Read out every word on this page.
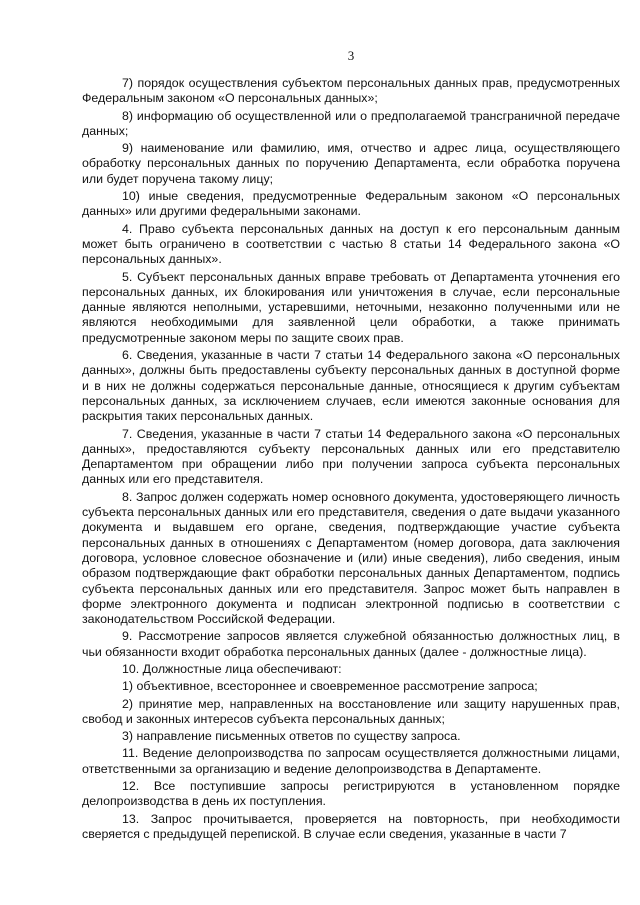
3

7) порядок осуществления субъектом персональных данных прав, предусмотренных Федеральным законом «О персональных данных»;

8) информацию об осуществленной или о предполагаемой трансграничной передаче данных;

9) наименование или фамилию, имя, отчество и адрес лица, осуществляющего обработку персональных данных по поручению Департамента, если обработка поручена или будет поручена такому лицу;

10) иные сведения, предусмотренные Федеральным законом «О персональных данных» или другими федеральными законами.

4. Право субъекта персональных данных на доступ к его персональным данным может быть ограничено в соответствии с частью 8 статьи 14 Федерального закона «О персональных данных».

5. Субъект персональных данных вправе требовать от Департамента уточнения его персональных данных, их блокирования или уничтожения в случае, если персональные данные являются неполными, устаревшими, неточными, незаконно полученными или не являются необходимыми для заявленной цели обработки, а также принимать предусмотренные законом меры по защите своих прав.

6. Сведения, указанные в части 7 статьи 14 Федерального закона «О персональных данных», должны быть предоставлены субъекту персональных данных в доступной форме и в них не должны содержаться персональные данные, относящиеся к другим субъектам персональных данных, за исключением случаев, если имеются законные основания для раскрытия таких персональных данных.

7. Сведения, указанные в части 7 статьи 14 Федерального закона «О персональных данных», предоставляются субъекту персональных данных или его представителю Департаментом при обращении либо при получении запроса субъекта персональных данных или его представителя.

8. Запрос должен содержать номер основного документа, удостоверяющего личность субъекта персональных данных или его представителя, сведения о дате выдачи указанного документа и выдавшем его органе, сведения, подтверждающие участие субъекта персональных данных в отношениях с Департаментом (номер договора, дата заключения договора, условное словесное обозначение и (или) иные сведения), либо сведения, иным образом подтверждающие факт обработки персональных данных Департаментом, подпись субъекта персональных данных или его представителя. Запрос может быть направлен в форме электронного документа и подписан электронной подписью в соответствии с законодательством Российской Федерации.

9. Рассмотрение запросов является служебной обязанностью должностных лиц, в чьи обязанности входит обработка персональных данных (далее - должностные лица).

10. Должностные лица обеспечивают:

1) объективное, всестороннее и своевременное рассмотрение запроса;

2) принятие мер, направленных на восстановление или защиту нарушенных прав, свобод и законных интересов субъекта персональных данных;

3) направление письменных ответов по существу запроса.

11. Ведение делопроизводства по запросам осуществляется должностными лицами, ответственными за организацию и ведение делопроизводства в Департаменте.

12. Все поступившие запросы регистрируются в установленном порядке делопроизводства в день их поступления.

13. Запрос прочитывается, проверяется на повторность, при необходимости сверяется с предыдущей перепиской. В случае если сведения, указанные в части 7
